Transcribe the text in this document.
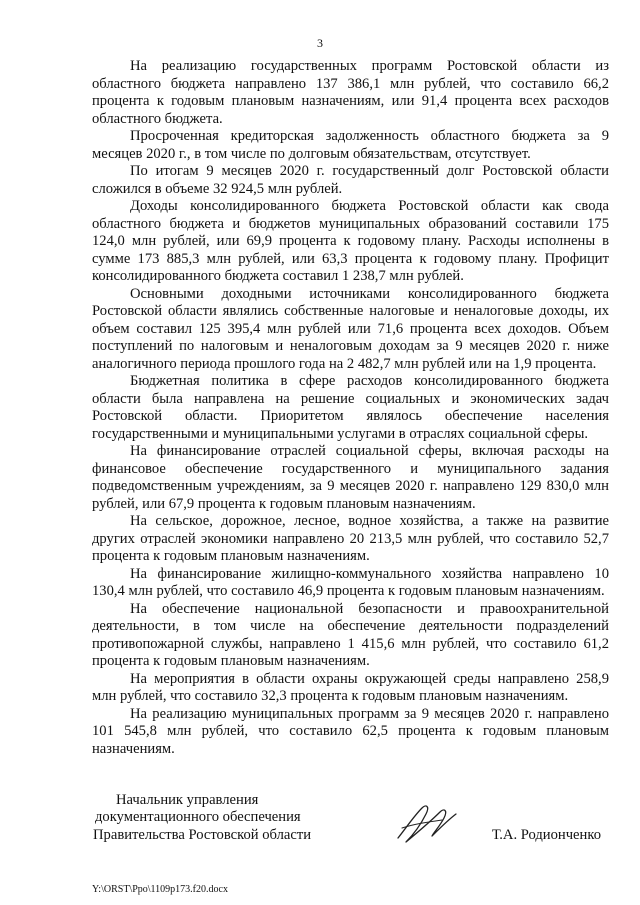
3

На реализацию государственных программ Ростовской области из областного бюджета направлено 137 386,1 млн рублей, что составило 66,2 процента к годовым плановым назначениям, или 91,4 процента всех расходов областного бюджета.

Просроченная кредиторская задолженность областного бюджета за 9 месяцев 2020 г., в том числе по долговым обязательствам, отсутствует.

По итогам 9 месяцев 2020 г. государственный долг Ростовской области сложился в объеме 32 924,5 млн рублей.

Доходы консолидированного бюджета Ростовской области как свода областного бюджета и бюджетов муниципальных образований составили 175 124,0 млн рублей, или 69,9 процента к годовому плану. Расходы исполнены в сумме 173 885,3 млн рублей, или 63,3 процента к годовому плану. Профицит консолидированного бюджета составил 1 238,7 млн рублей.

Основными доходными источниками консолидированного бюджета Ростовской области являлись собственные налоговые и неналоговые доходы, их объем составил 125 395,4 млн рублей или 71,6 процента всех доходов. Объем поступлений по налоговым и неналоговым доходам за 9 месяцев 2020 г. ниже аналогичного периода прошлого года на 2 482,7 млн рублей или на 1,9 процента.

Бюджетная политика в сфере расходов консолидированного бюджета области была направлена на решение социальных и экономических задач Ростовской области. Приоритетом являлось обеспечение населения государственными и муниципальными услугами в отраслях социальной сферы.

На финансирование отраслей социальной сферы, включая расходы на финансовое обеспечение государственного и муниципального задания подведомственным учреждениям, за 9 месяцев 2020 г. направлено 129 830,0 млн рублей, или 67,9 процента к годовым плановым назначениям.

На сельское, дорожное, лесное, водное хозяйства, а также на развитие других отраслей экономики направлено 20 213,5 млн рублей, что составило 52,7 процента к годовым плановым назначениям.

На финансирование жилищно-коммунального хозяйства направлено 10 130,4 млн рублей, что составило 46,9 процента к годовым плановым назначениям.

На обеспечение национальной безопасности и правоохранительной деятельности, в том числе на обеспечение деятельности подразделений противопожарной службы, направлено 1 415,6 млн рублей, что составило 61,2 процента к годовым плановым назначениям.

На мероприятия в области охраны окружающей среды направлено 258,9 млн рублей, что составило 32,3 процента к годовым плановым назначениям.

На реализацию муниципальных программ за 9 месяцев 2020 г. направлено 101 545,8 млн рублей, что составило 62,5 процента к годовым плановым назначениям.

Начальник управления
документационного обеспечения
Правительства Ростовской области	Т.А. Родионченко
Y:\ORST\Ppo\1109p173.f20.docx
